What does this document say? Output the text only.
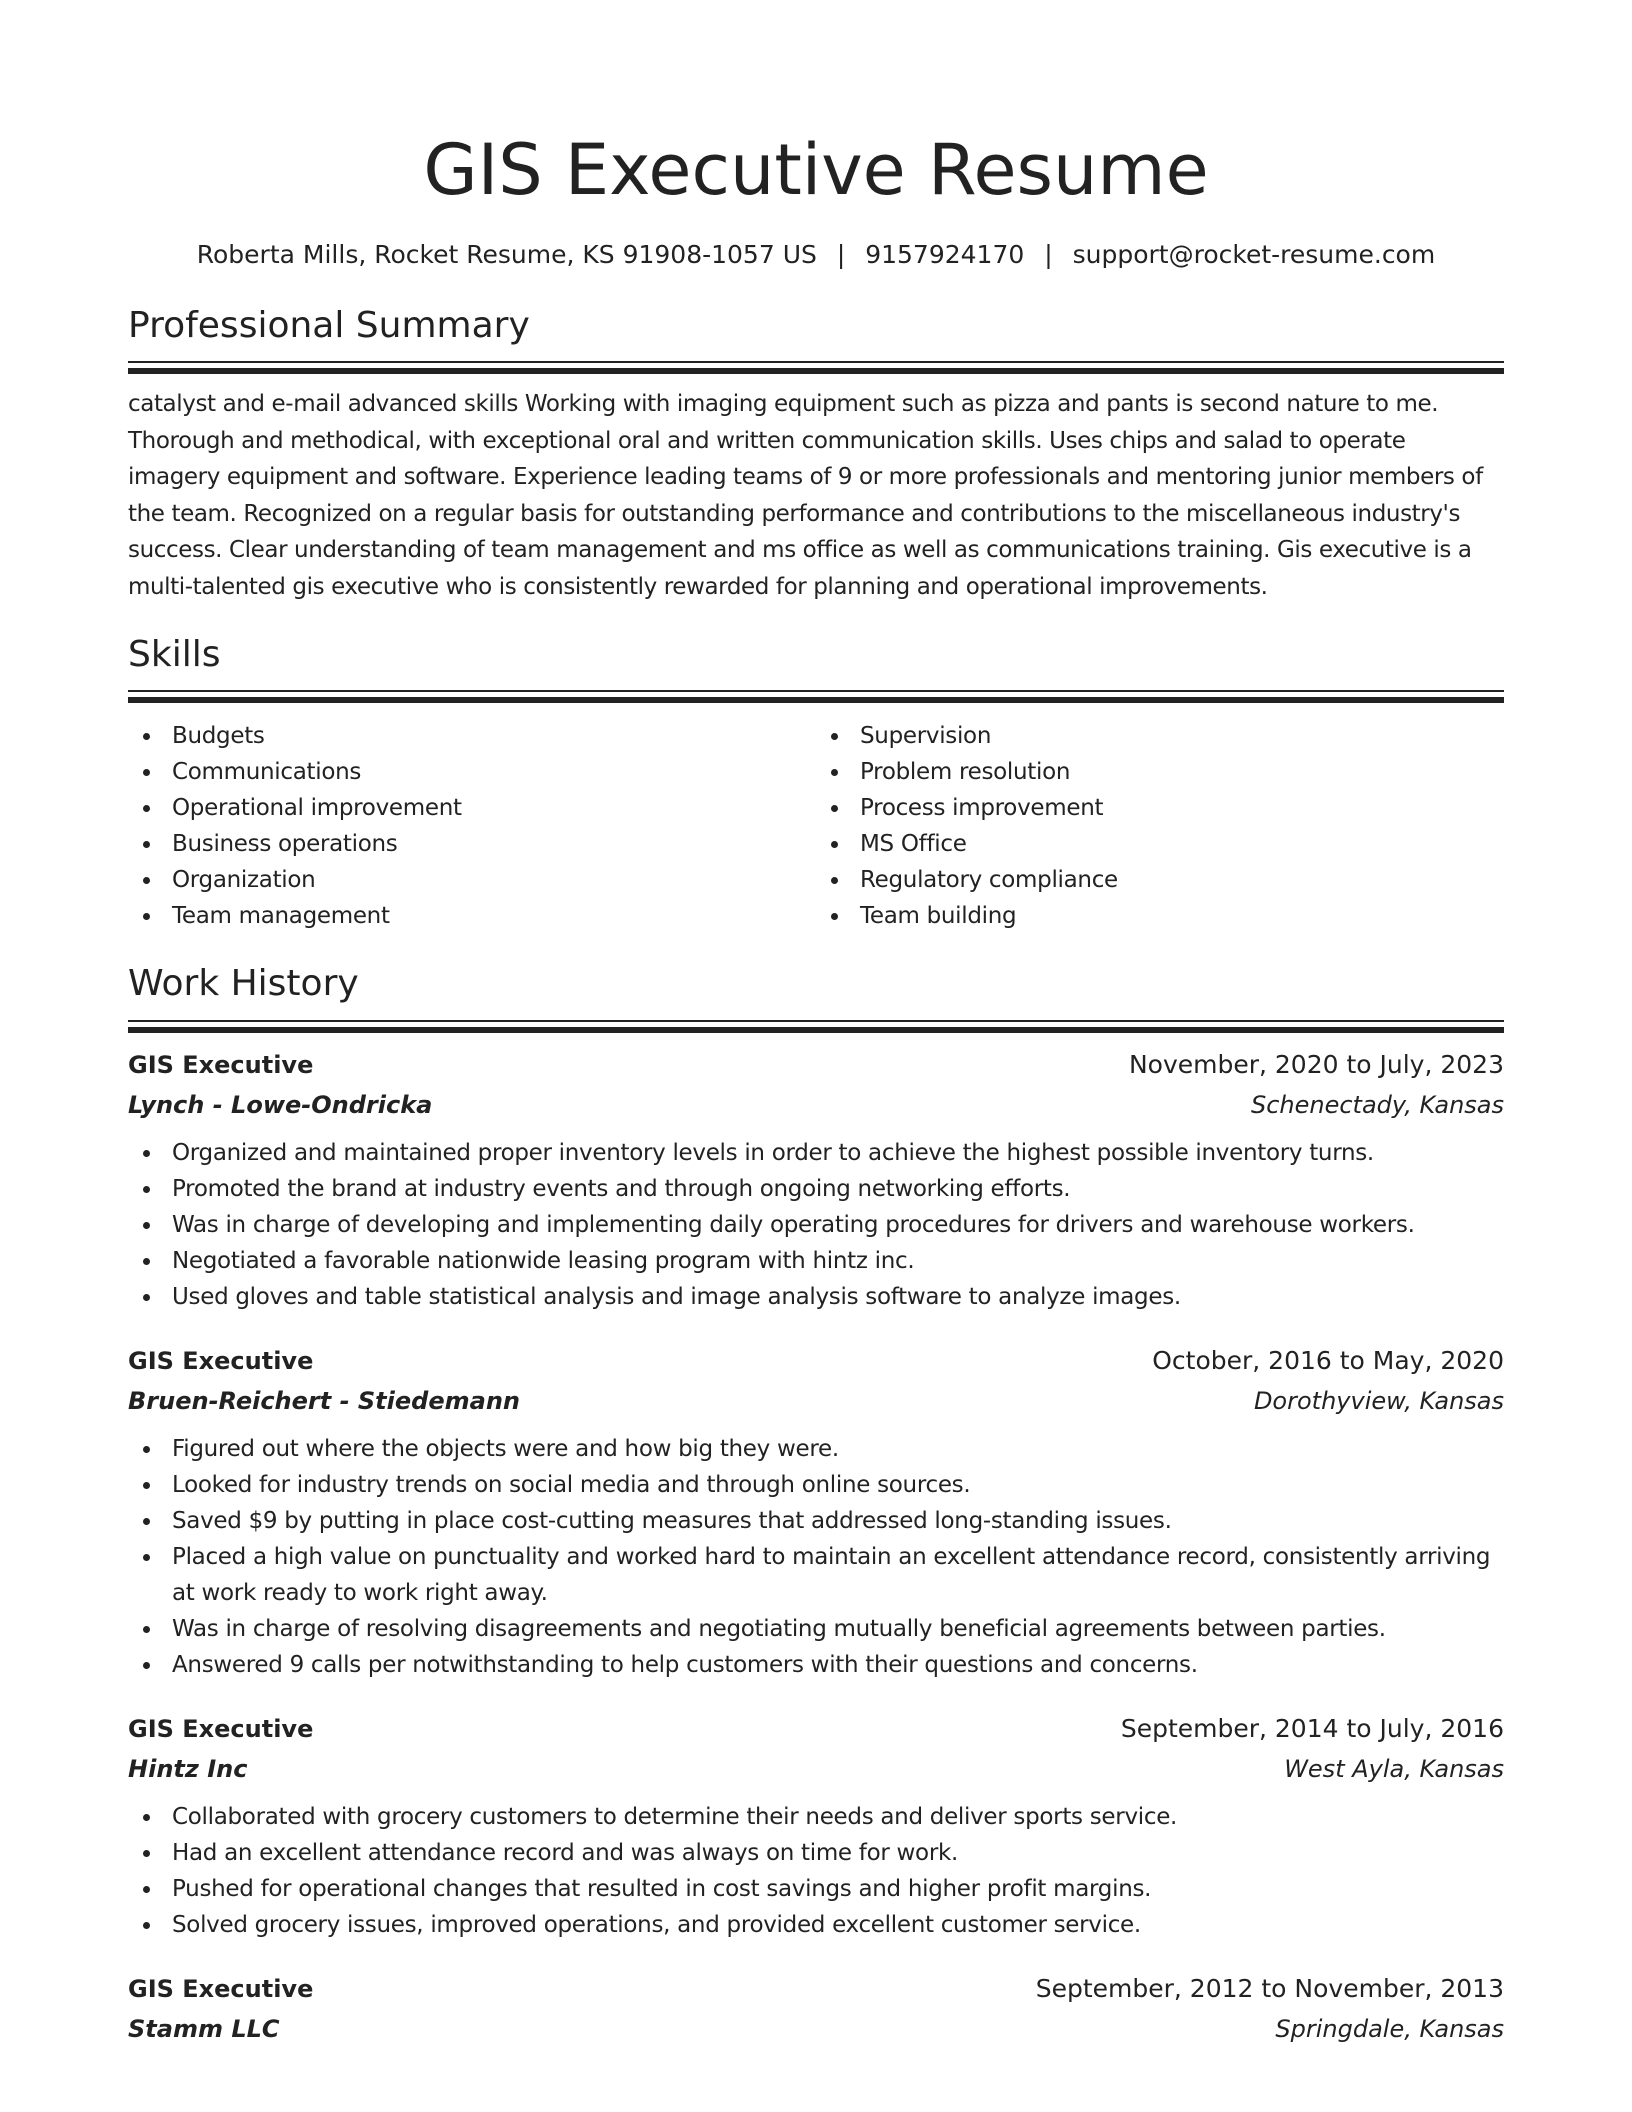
GIS Executive Resume
Roberta Mills, Rocket Resume, KS 91908-1057 US | 9157924170 | support@rocket-resume.com
Professional Summary

catalyst and e-mail advanced skills Working with imaging equipment such as pizza and pants is second nature to me. Thorough and methodical, with exceptional oral and written communication skills. Uses chips and salad to operate imagery equipment and software. Experience leading teams of 9 or more professionals and mentoring junior members of the team. Recognized on a regular basis for outstanding performance and contributions to the miscellaneous industry's success. Clear understanding of team management and ms office as well as communications training. Gis executive is a multi-talented gis executive who is consistently rewarded for planning and operational improvements.

Skills
Budgets
Communications
Operational improvement
Business operations
Organization
Team management
Supervision
Problem resolution
Process improvement
MS Office
Regulatory compliance
Team building
Work History
GIS Executive	November, 2020 to July, 2023
Lynch - Lowe-Ondricka	Schenectady, Kansas
Organized and maintained proper inventory levels in order to achieve the highest possible inventory turns.
Promoted the brand at industry events and through ongoing networking efforts.
Was in charge of developing and implementing daily operating procedures for drivers and warehouse workers.
Negotiated a favorable nationwide leasing program with hintz inc.
Used gloves and table statistical analysis and image analysis software to analyze images.
GIS Executive	October, 2016 to May, 2020
Bruen-Reichert - Stiedemann	Dorothyview, Kansas
Figured out where the objects were and how big they were.
Looked for industry trends on social media and through online sources.
Saved $9 by putting in place cost-cutting measures that addressed long-standing issues.
Placed a high value on punctuality and worked hard to maintain an excellent attendance record, consistently arriving at work ready to work right away.
Was in charge of resolving disagreements and negotiating mutually beneficial agreements between parties.
Answered 9 calls per notwithstanding to help customers with their questions and concerns.
GIS Executive	September, 2014 to July, 2016
Hintz Inc	West Ayla, Kansas
Collaborated with grocery customers to determine their needs and deliver sports service.
Had an excellent attendance record and was always on time for work.
Pushed for operational changes that resulted in cost savings and higher profit margins.
Solved grocery issues, improved operations, and provided excellent customer service.
GIS Executive	September, 2012 to November, 2013
Stamm LLC	Springdale, Kansas
